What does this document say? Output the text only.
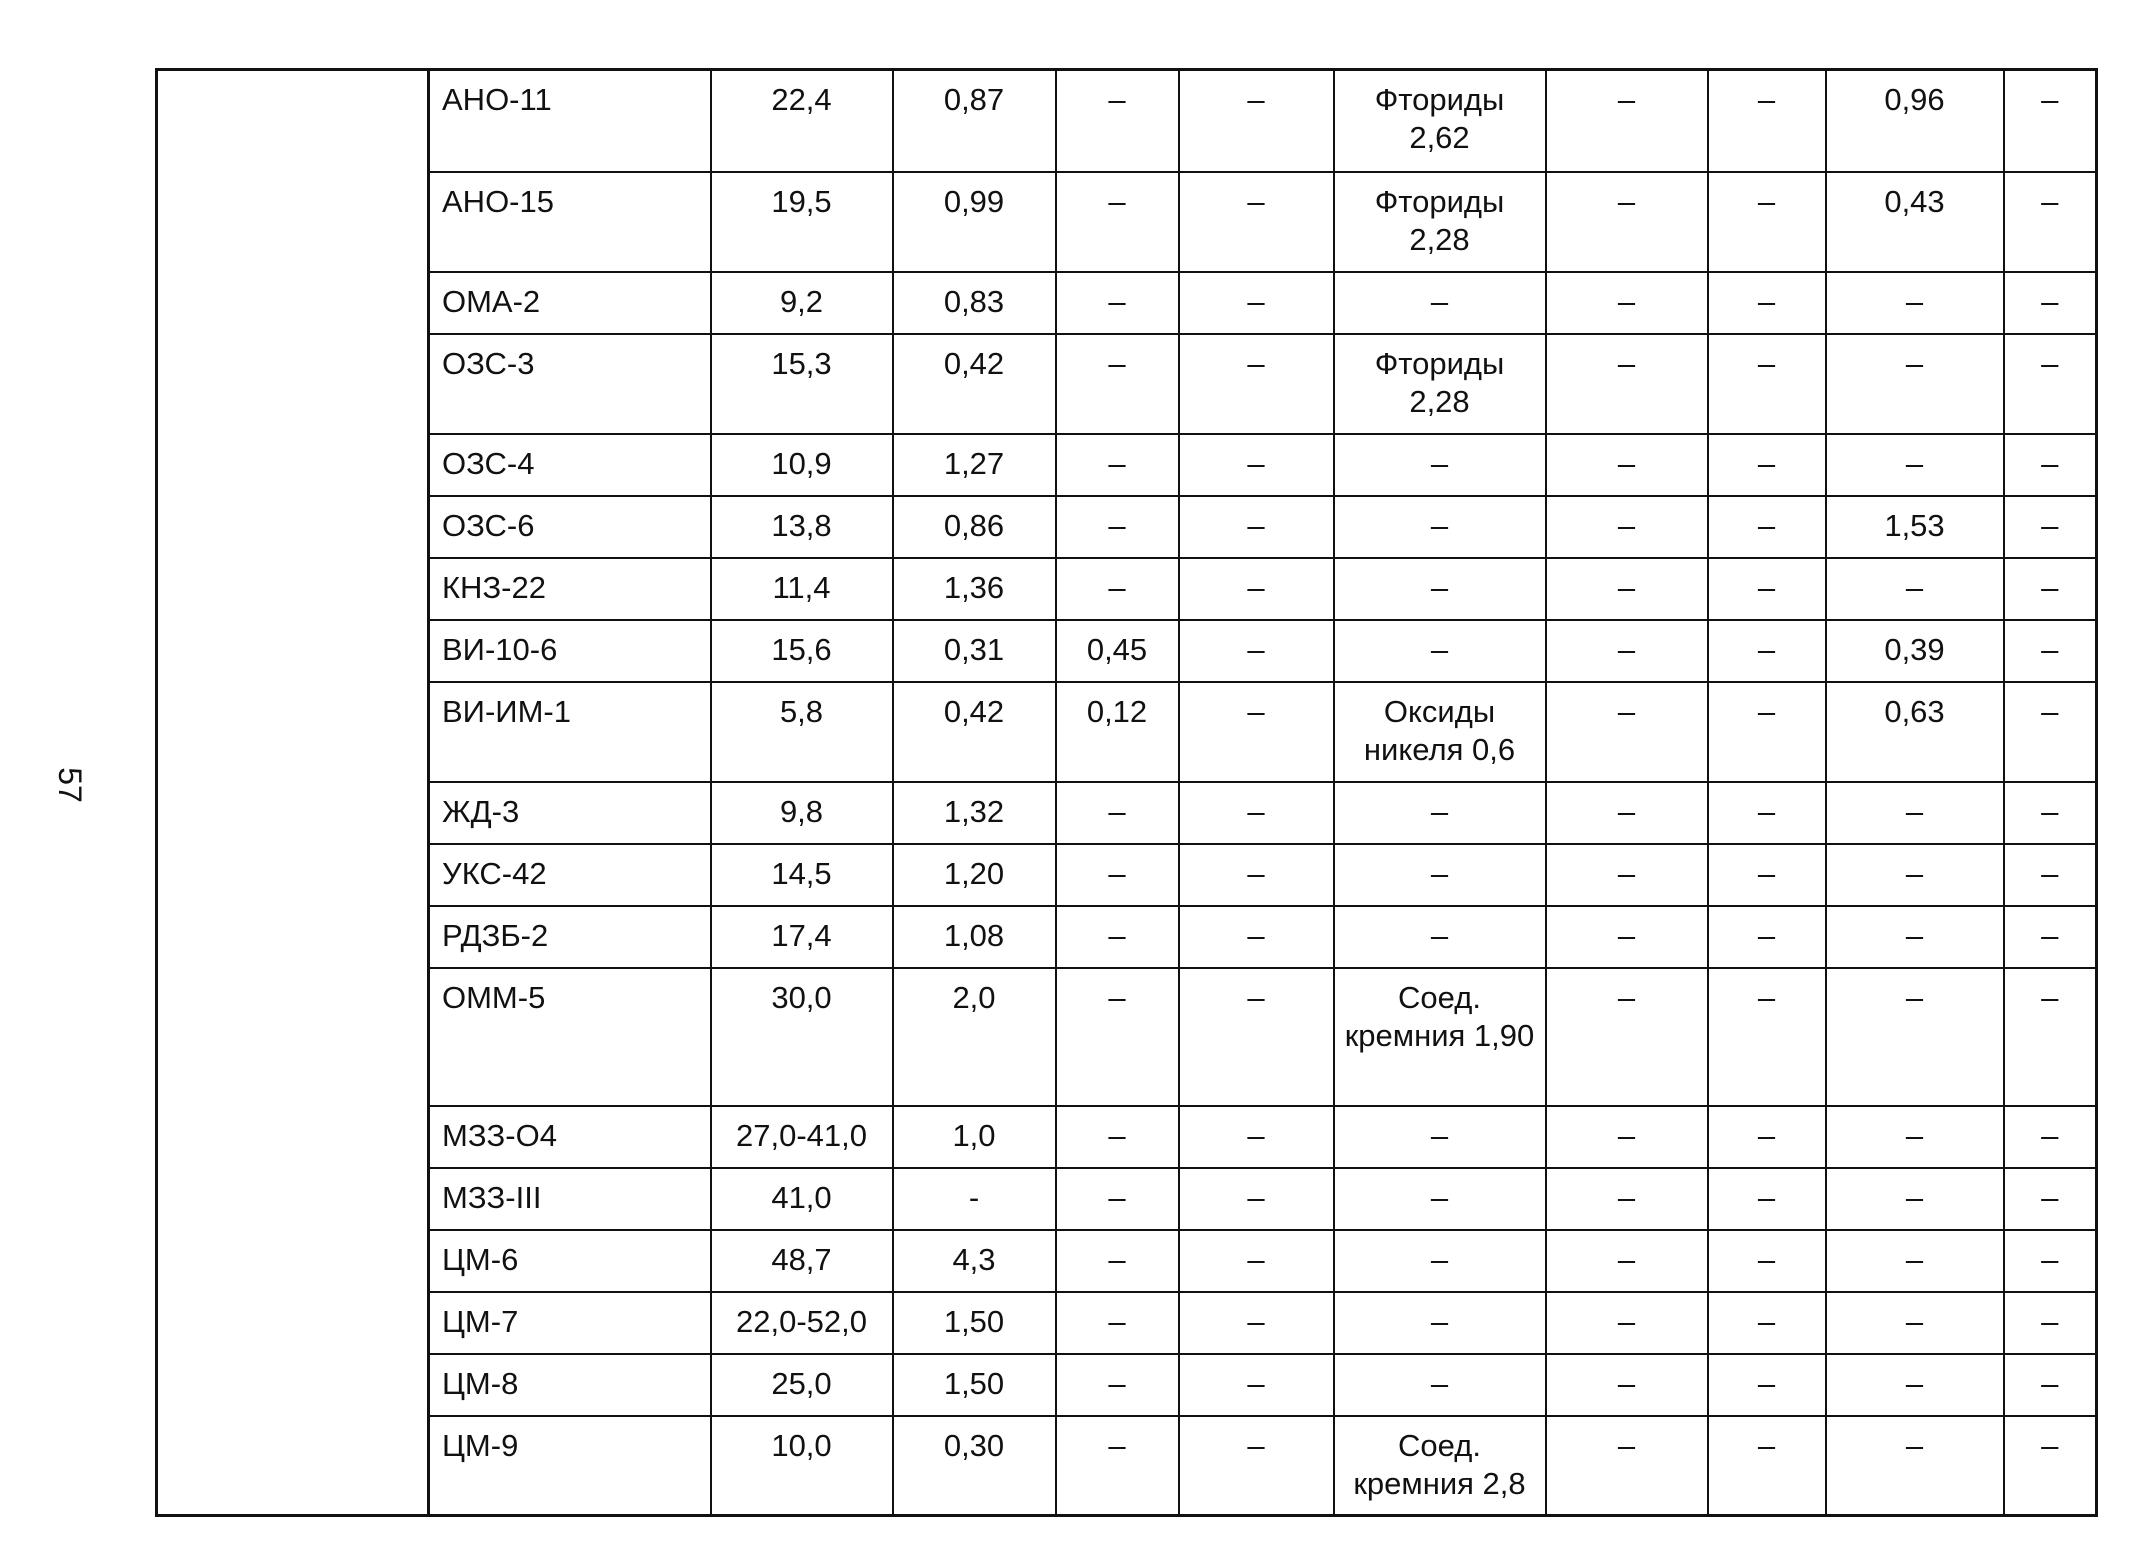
57
	АНО-11	22,4	0,87	–	–	Фториды 2,62	–	–	0,96	–
	АНО-15	19,5	0,99	–	–	Фториды 2,28	–	–	0,43	–
	ОМА-2	9,2	0,83	–	–	–	–	–	–	–
	ОЗС-3	15,3	0,42	–	–	Фториды 2,28	–	–	–	–
	ОЗС-4	10,9	1,27	–	–	–	–	–	–	–
	ОЗС-6	13,8	0,86	–	–	–	–	–	1,53	–
	КНЗ-22	11,4	1,36	–	–	–	–	–	–	–
	ВИ-10-6	15,6	0,31	0,45	–	–	–	–	0,39	–
	ВИ-ИМ-1	5,8	0,42	0,12	–	Оксиды никеля 0,6	–	–	0,63	–
	ЖД-3	9,8	1,32	–	–	–	–	–	–	–
	УКС-42	14,5	1,20	–	–	–	–	–	–	–
	РДЗБ-2	17,4	1,08	–	–	–	–	–	–	–
	ОММ-5	30,0	2,0	–	–	Соед. кремния 1,90	–	–	–	–
	МЗЗ-О4	27,0-41,0	1,0	–	–	–	–	–	–	–
	МЗЗ-III	41,0	-	–	–	–	–	–	–	–
	ЦМ-6	48,7	4,3	–	–	–	–	–	–	–
	ЦМ-7	22,0-52,0	1,50	–	–	–	–	–	–	–
	ЦМ-8	25,0	1,50	–	–	–	–	–	–	–
	ЦМ-9	10,0	0,30	–	–	Соед. кремния 2,8	–	–	–	–
